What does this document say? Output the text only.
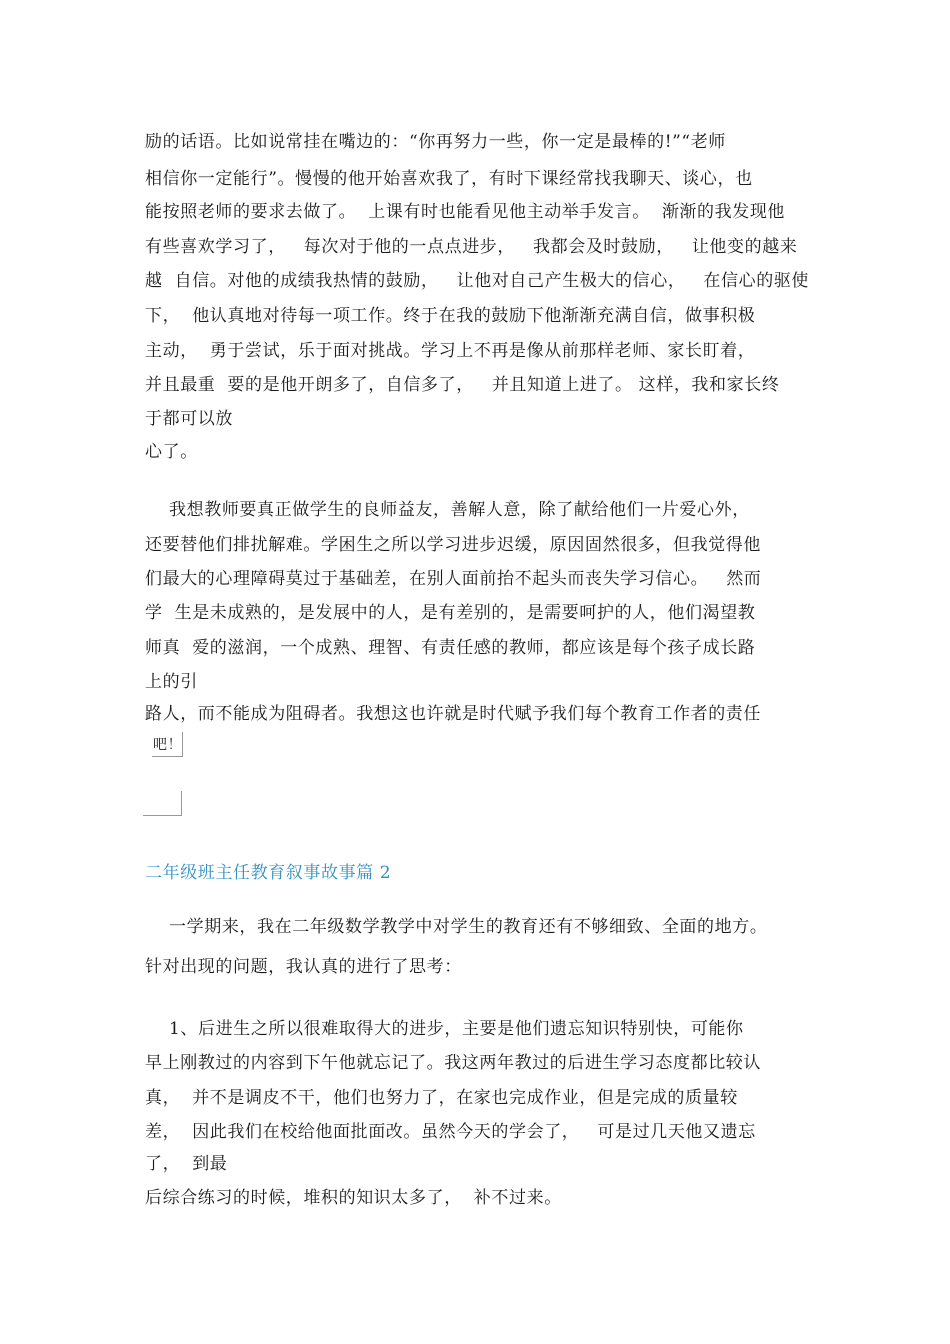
励的话语。比如说常挂在嘴边的：“你再努力一些，你一定是最棒的!”“老师
相信你一定能行”。慢慢的他开始喜欢我了，有时下课经常找我聊天、谈心，也
能按照老师的要求去做了。  上课有时也能看见他主动举手发言。  渐渐的我发现他
有些喜欢学习了，   每次对于他的一点点进步，   我都会及时鼓励，   让他变的越来
越  自信。对他的成绩我热情的鼓励，   让他对自己产生极大的信心，   在信心的驱使
下，  他认真地对待每一项工作。终于在我的鼓励下他渐渐充满自信，做事积极
主动，  勇于尝试，乐于面对挑战。学习上不再是像从前那样老师、家长盯着，
并且最重  要的是他开朗多了，自信多了，   并且知道上进了。 这样，我和家长终
于都可以放
心了。
我想教师要真正做学生的良师益友，善解人意，除了献给他们一片爱心外，
还要替他们排扰解难。学困生之所以学习进步迟缓，原因固然很多，但我觉得他
们最大的心理障碍莫过于基础差，在别人面前抬不起头而丧失学习信心。   然而
学  生是未成熟的，是发展中的人，是有差别的，是需要呵护的人，他们渴望教
师真  爱的滋润，一个成熟、理智、有责任感的教师，都应该是每个孩子成长路
上的引
路人，而不能成为阻碍者。我想这也许就是时代赋予我们每个教育工作者的责任
吧！
二年级班主任教育叙事故事篇 2
一学期来，我在二年级数学教学中对学生的教育还有不够细致、全面的地方。
针对出现的问题，我认真的进行了思考：
1、后进生之所以很难取得大的进步，主要是他们遗忘知识特别快，可能你
早上刚教过的内容到下午他就忘记了。我这两年教过的后进生学习态度都比较认
真，  并不是调皮不干，他们也努力了，在家也完成作业，但是完成的质量较
差，  因此我们在校给他面批面改。虽然今天的学会了，   可是过几天他又遗忘
了，  到最
后综合练习的时候，堆积的知识太多了，  补不过来。
